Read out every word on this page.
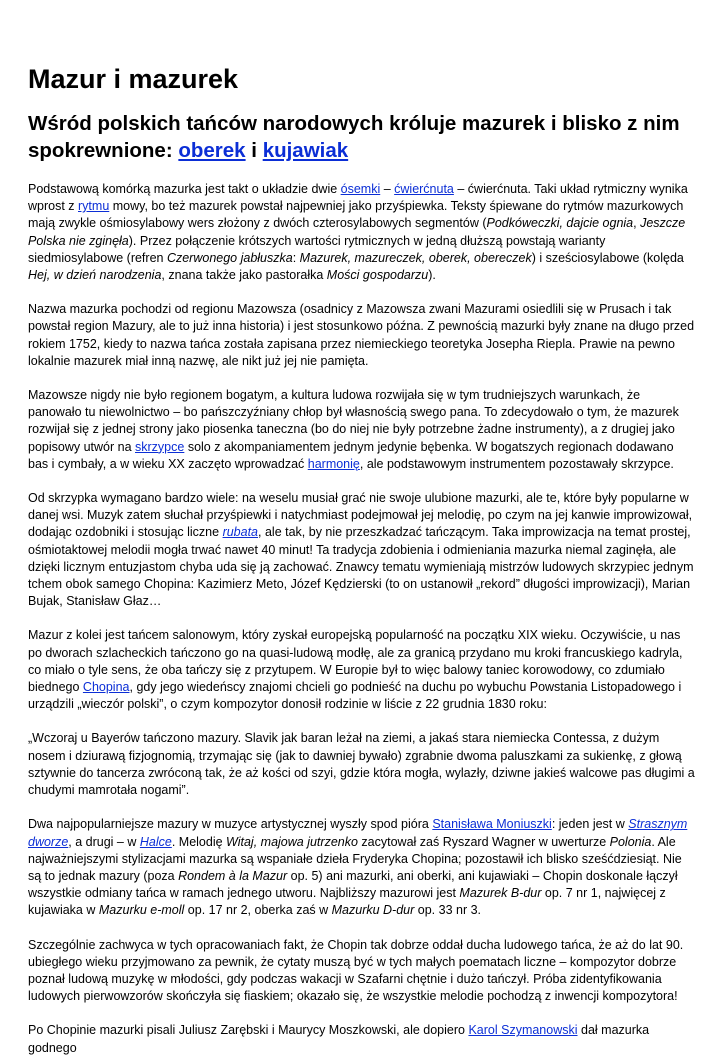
Mazur i mazurek
Wśród polskich tańców narodowych króluje mazurek i blisko z nim spokrewnione: oberek i kujawiak

Podstawową komórką mazurka jest takt o układzie dwie ósemki – ćwierćnuta – ćwierćnuta. Taki układ rytmiczny wynika wprost z rytmu mowy, bo też mazurek powstał najpewniej jako przyśpiewka. Teksty śpiewane do rytmów mazurkowych mają zwykle ośmiosylabowy wers złożony z dwóch czterosylabowych segmentów (Podkóweczki, dajcie ognia, Jeszcze Polska nie zginęła). Przez połączenie krótszych wartości rytmicznych w jedną dłuższą powstają warianty siedmiosylabowe (refren Czerwonego jabłuszka: Mazurek, mazureczek, oberek, obereczek) i sześciosylabowe (kolęda Hej, w dzień narodzenia, znana także jako pastorałka Mości gospodarzu).

Nazwa mazurka pochodzi od regionu Mazowsza (osadnicy z Mazowsza zwani Mazurami osiedlili się w Prusach i tak powstał region Mazury, ale to już inna historia) i jest stosunkowo późna. Z pewnością mazurki były znane na długo przed rokiem 1752, kiedy to nazwa tańca została zapisana przez niemieckiego teoretyka Josepha Riepla. Prawie na pewno lokalnie mazurek miał inną nazwę, ale nikt już jej nie pamięta.

Mazowsze nigdy nie było regionem bogatym, a kultura ludowa rozwijała się w tym trudniejszych warunkach, że panowało tu niewolnictwo – bo pańszczyźniany chłop był własnością swego pana. To zdecydowało o tym, że mazurek rozwijał się z jednej strony jako piosenka taneczna (bo do niej nie były potrzebne żadne instrumenty), a z drugiej jako popisowy utwór na skrzypce solo z akompaniamentem jednym jedynie bębenka. W bogatszych regionach dodawano bas i cymbały, a w wieku XX zaczęto wprowadzać harmonię, ale podstawowym instrumentem pozostawały skrzypce.

Od skrzypka wymagano bardzo wiele: na weselu musiał grać nie swoje ulubione mazurki, ale te, które były popularne w danej wsi. Muzyk zatem słuchał przyśpiewki i natychmiast podejmował jej melodię, po czym na jej kanwie improwizował, dodając ozdobniki i stosując liczne rubata, ale tak, by nie przeszkadzać tańczącym. Taka improwizacja na temat prostej, ośmiotaktowej melodii mogła trwać nawet 40 minut! Ta tradycja zdobienia i odmieniania mazurka niemal zaginęła, ale dzięki licznym entuzjastom chyba uda się ją zachować. Znawcy tematu wymieniają mistrzów ludowych skrzypiec jednym tchem obok samego Chopina: Kazimierz Meto, Józef Kędzierski (to on ustanowił „rekord” długości improwizacji), Marian Bujak, Stanisław Głaz…

Mazur z kolei jest tańcem salonowym, który zyskał europejską popularność na początku XIX wieku. Oczywiście, u nas po dworach szlacheckich tańczono go na quasi-ludową modłę, ale za granicą przydano mu kroki francuskiego kadryla, co miało o tyle sens, że oba tańczy się z przytupem. W Europie był to więc balowy taniec korowodowy, co zdumiało biednego Chopina, gdy jego wiedeńscy znajomi chcieli go podnieść na duchu po wybuchu Powstania Listopadowego i urządzili „wieczór polski”, o czym kompozytor donosił rodzinie w liście z 22 grudnia 1830 roku:

„Wczoraj u Bayerów tańczono mazury. Slavik jak baran leżał na ziemi, a jakaś stara niemiecka Contessa, z dużym nosem i dziurawą fizjognomią, trzymając się (jak to dawniej bywało) zgrabnie dwoma paluszkami za sukienkę, z głową sztywnie do tancerza zwróconą tak, że aż kości od szyi, gdzie która mogła, wylazły, dziwne jakieś walcowe pas długimi a chudymi mamrotała nogami”.

Dwa najpopularniejsze mazury w muzyce artystycznej wyszły spod pióra Stanisława Moniuszki: jeden jest w Strasznym dworze, a drugi – w Halce. Melodię Witaj, majowa jutrzenko zacytował zaś Ryszard Wagner w uwerturze Polonia. Ale najważniejszymi stylizacjami mazurka są wspaniałe dzieła Fryderyka Chopina; pozostawił ich blisko sześćdziesiąt. Nie są to jednak mazury (poza Rondem à la Mazur op. 5) ani mazurki, ani oberki, ani kujawiaki – Chopin doskonale łączył wszystkie odmiany tańca w ramach jednego utworu. Najbliższy mazurowi jest Mazurek B-dur op. 7 nr 1, najwięcej z kujawiaka w Mazurku e-moll op. 17 nr 2, oberka zaś w Mazurku D-dur op. 33 nr 3.

Szczególnie zachwyca w tych opracowaniach fakt, że Chopin tak dobrze oddał ducha ludowego tańca, że aż do lat 90. ubiegłego wieku przyjmowano za pewnik, że cytaty muszą być w tych małych poematach liczne – kompozytor dobrze poznał ludową muzykę w młodości, gdy podczas wakacji w Szafarni chętnie i dużo tańczył. Próba zidentyfikowania ludowych pierwowzorów skończyła się fiaskiem; okazało się, że wszystkie melodie pochodzą z inwencji kompozytora!

Po Chopinie mazurki pisali Juliusz Zarębski i Maurycy Moszkowski, ale dopiero Karol Szymanowski dał mazurka godnego
